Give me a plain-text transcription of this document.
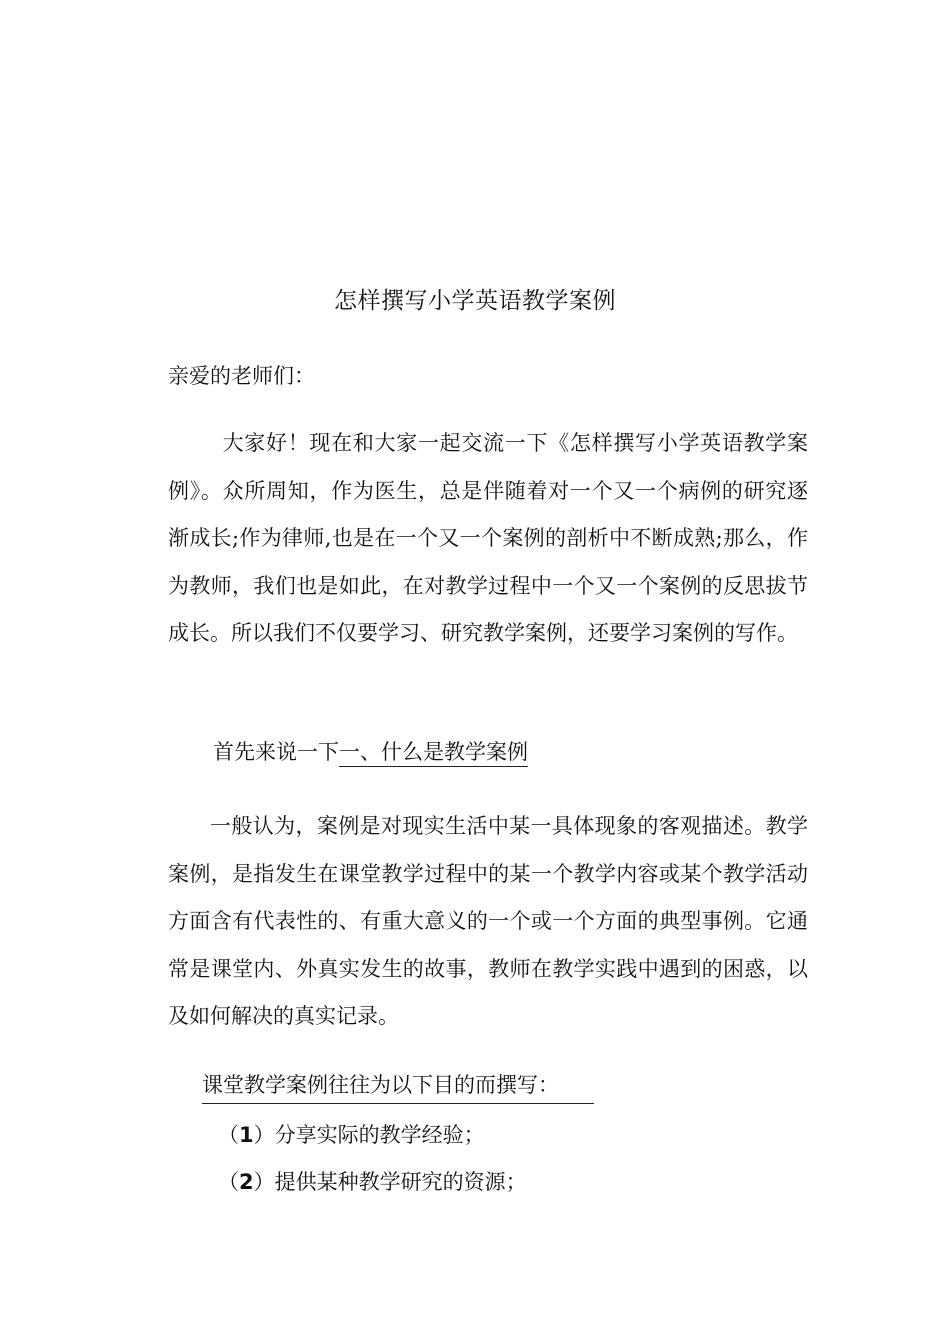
怎样撰写小学英语教学案例
亲爱的老师们：
大家好！现在和大家一起交流一下《怎样撰写小学英语教学案例》。众所周知，作为医生，总是伴随着对一个又一个病例的研究逐渐成长;作为律师,也是在一个又一个案例的剖析中不断成熟;那么，作为教师，我们也是如此，在对教学过程中一个又一个案例的反思拔节成长。所以我们不仅要学习、研究教学案例，还要学习案例的写作。
首先来说一下一、什么是教学案例
一般认为，案例是对现实生活中某一具体现象的客观描述。教学案例，是指发生在课堂教学过程中的某一个教学内容或某个教学活动方面含有代表性的、有重大意义的一个或一个方面的典型事例。它通常是课堂内、外真实发生的故事，教师在教学实践中遇到的困惑，以及如何解决的真实记录。
课堂教学案例往往为以下目的而撰写：
（1）分享实际的教学经验；
（2）提供某种教学研究的资源；
